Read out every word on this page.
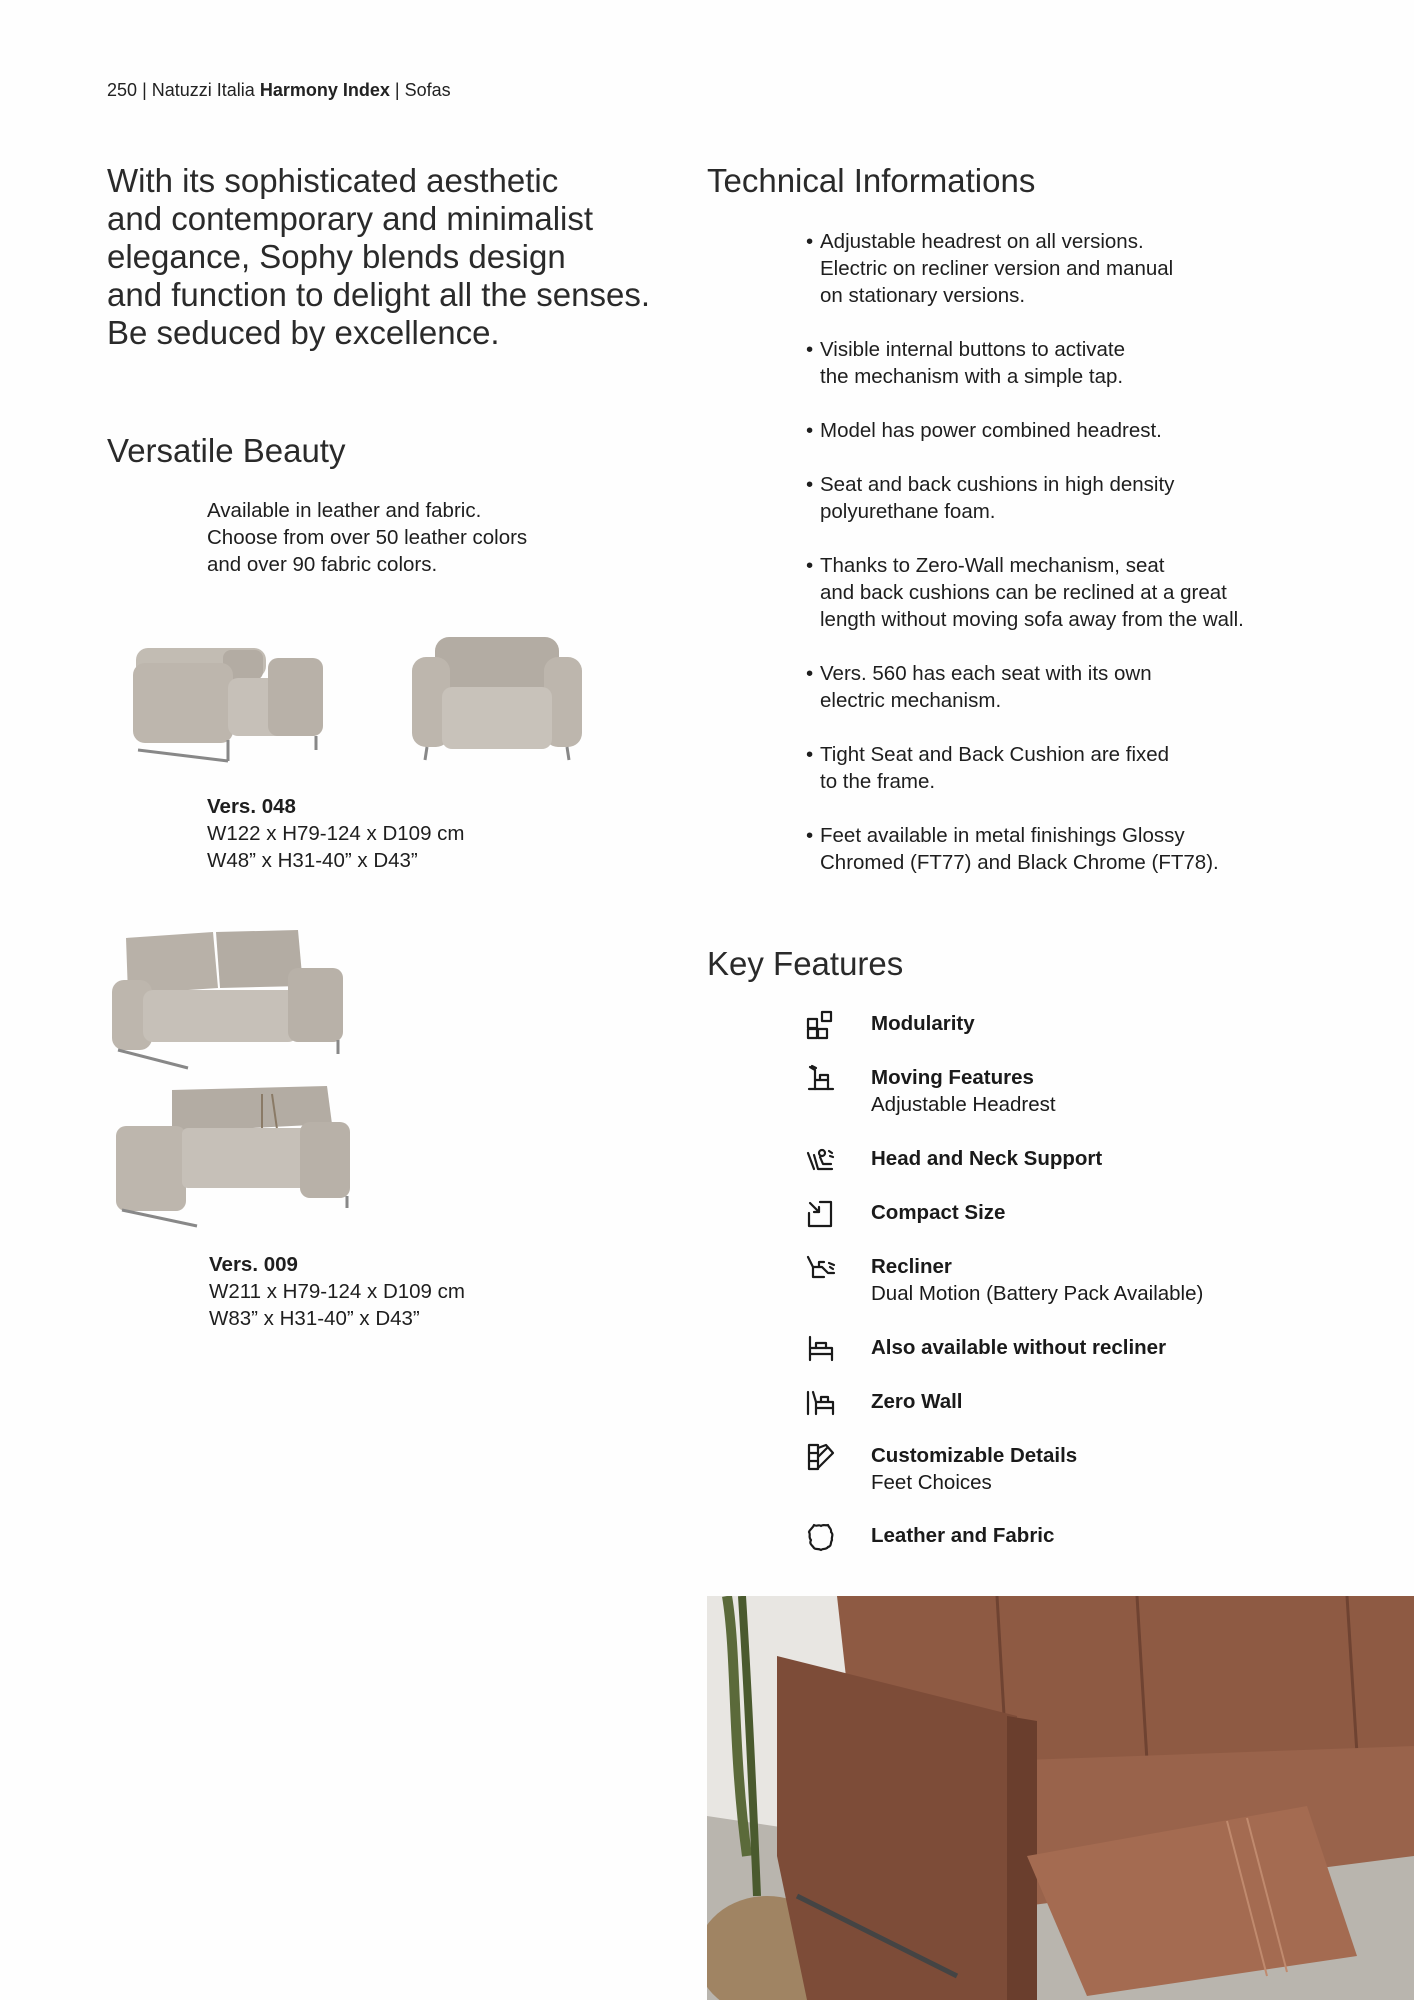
250 | Natuzzi Italia Harmony Index | Sofas
With its sophisticated aesthetic
and contemporary and minimalist
elegance, Sophy blends design
and function to delight all the senses.
Be seduced by excellence.
Versatile Beauty
Available in leather and fabric.
Choose from over 50 leather colors
and over 90 fabric colors.
Vers. 048
W122 x H79-124 x D109 cm
W48” x H31-40” x D43”
Vers. 009
W211 x H79-124 x D109 cm
W83” x H31-40” x D43”
Technical Informations
• Adjustable headrest on all versions.
Electric on recliner version and manual
on stationary versions.
• Visible internal buttons to activate
the mechanism with a simple tap.
• Model has power combined headrest.
• Seat and back cushions in high density
polyurethane foam.
• Thanks to Zero-Wall mechanism, seat
and back cushions can be reclined at a great
length without moving sofa away from the wall.
• Vers. 560 has each seat with its own
electric mechanism.
• Tight Seat and Back Cushion are fixed
to the frame.
• Feet available in metal finishings Glossy
Chromed (FT77) and Black Chrome (FT78).
Key Features
Modularity
Moving Features
Adjustable Headrest
Head and Neck Support
Compact Size
Recliner
Dual Motion (Battery Pack Available)
Also available without recliner
Zero Wall
Customizable Details
Feet Choices
Leather and Fabric
